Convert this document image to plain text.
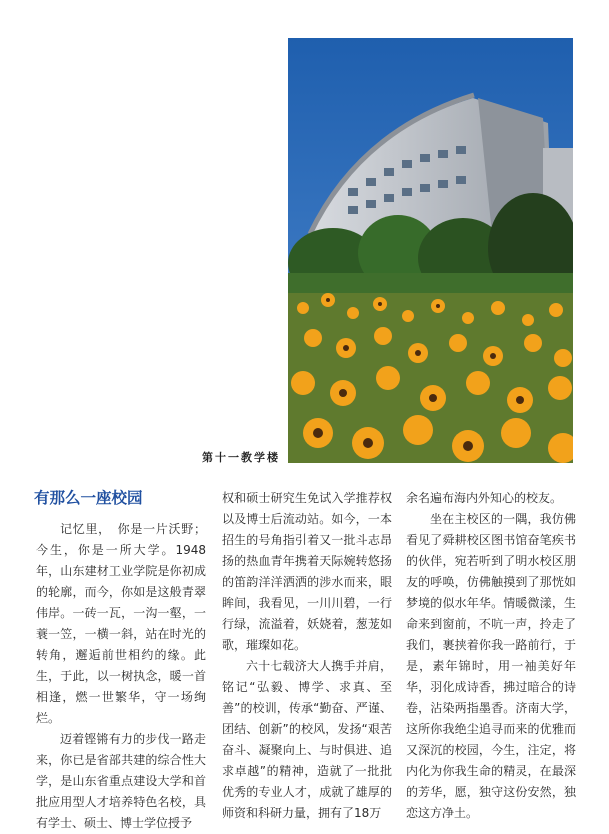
第十一教学楼
有那么一座校园

记忆里，　你是一片沃野；今生，你是一所大学。1948年，山东建材工业学院是你初成的轮廓，而今，你如是这般青翠伟岸。一砖一瓦，一沟一壑，一蓑一笠，一横一斜，站在时光的转角，邂逅前世相约的缘。此生，于此，以一树执念，暖一首相逢，燃一世繁华，守一场绚烂。

迈着铿锵有力的步伐一路走来，你已是省部共建的综合性大学，是山东省重点建设大学和首批应用型人才培养特色名校，具有学士、硕士、博士学位授予

权和硕士研究生免试入学推荐权以及博士后流动站。如今，一本招生的号角指引着又一批斗志昂扬的热血青年携着天际婉转悠扬的笛韵洋洋洒洒的涉水而来，眼眸间，我看见，一川川碧，一行行绿，流溢着，妖娆着，葱茏如歌，璀璨如花。

六十七载济大人携手并肩，铭记“弘毅、博学、求真、至善”的校训，传承“勤奋、严谨、团结、创新”的校风，发扬“艰苦奋斗、凝聚向上、与时俱进、追求卓越”的精神，造就了一批批优秀的专业人才，成就了雄厚的师资和科研力量，拥有了18万

余名遍布海内外知心的校友。

坐在主校区的一隅，我仿佛看见了舜耕校区图书馆奋笔疾书的伙伴，宛若听到了明水校区朋友的呼唤，仿佛触摸到了那恍如梦境的似水年华。情暖微漾，生命来到窗前，不吭一声，拎走了我们，裹挟着你我一路前行，于是，素年锦时，用一袖美好年华，羽化成诗香，拂过暗合的诗卷，沾染两指墨香。济南大学，这所你我绝尘追寻而来的优雅而又深沉的校园，今生，注定，将内化为你我生命的精灵，在最深的芳华，愿，独守这份安然，独恋这方净土。
